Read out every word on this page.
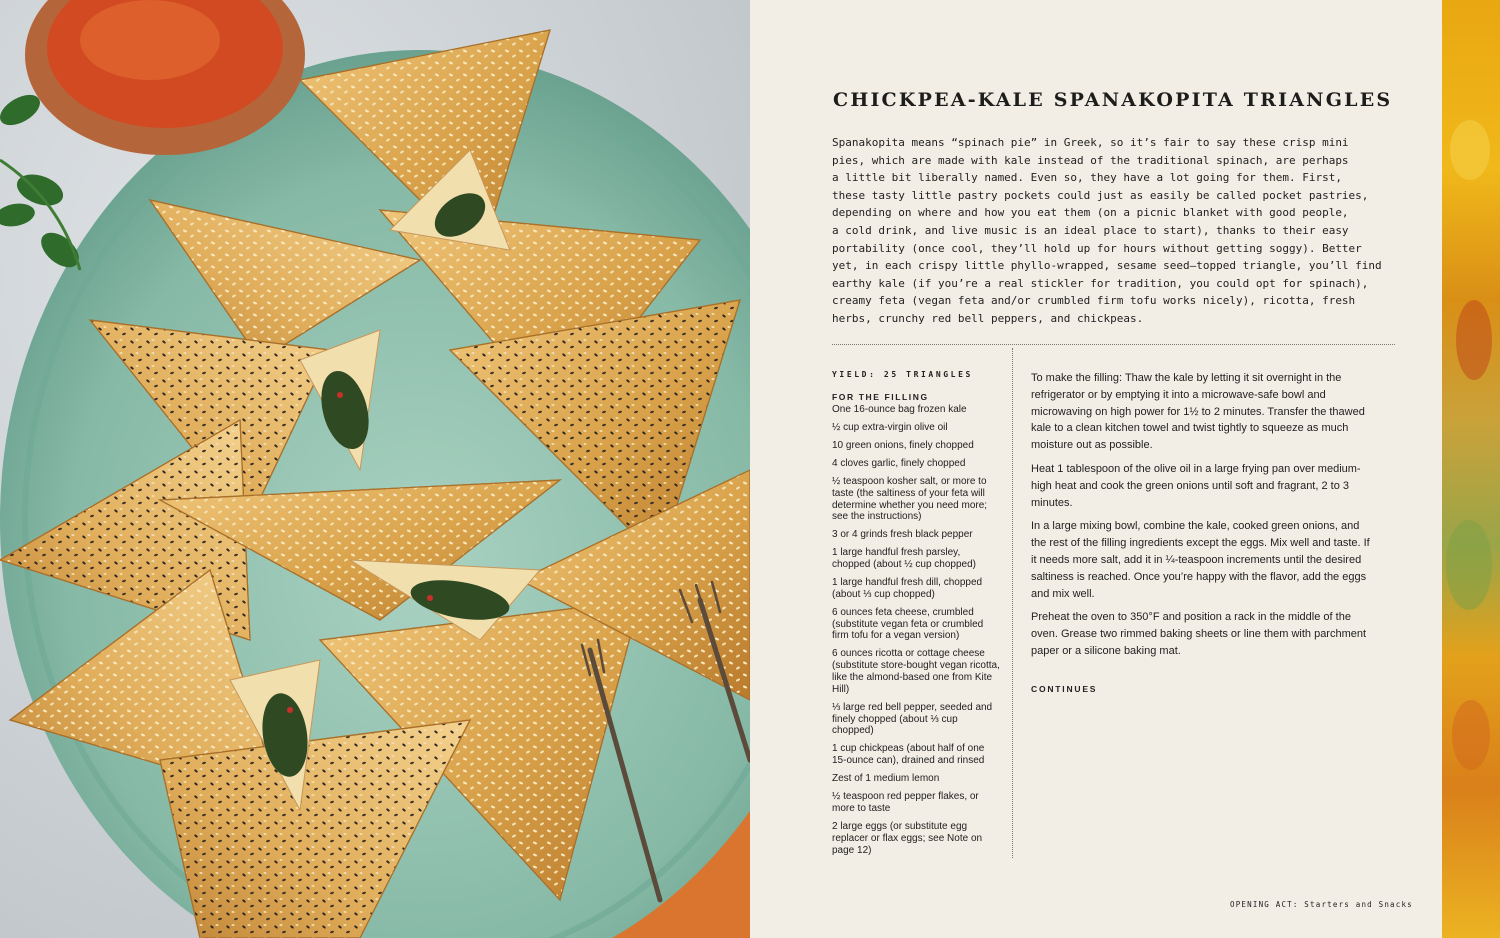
CHICKPEA-KALE SPANAKOPITA TRIANGLES
Spanakopita means “spinach pie” in Greek, so it’s fair to say these crisp mini
pies, which are made with kale instead of the traditional spinach, are perhaps
a little bit liberally named. Even so, they have a lot going for them. First,
these tasty little pastry pockets could just as easily be called pocket pastries,
depending on where and how you eat them (on a picnic blanket with good people,
a cold drink, and live music is an ideal place to start), thanks to their easy
portability (once cool, they’ll hold up for hours without getting soggy). Better
yet, in each crispy little phyllo-wrapped, sesame seed–topped triangle, you’ll find
earthy kale (if you’re a real stickler for tradition, you could opt for spinach),
creamy feta (vegan feta and/or crumbled firm tofu works nicely), ricotta, fresh
herbs, crunchy red bell peppers, and chickpeas.
YIELD: 25 TRIANGLES
FOR THE FILLING
One 16-ounce bag frozen kale
½ cup extra-virgin olive oil
10 green onions, finely chopped
4 cloves garlic, finely chopped
½ teaspoon kosher salt, or more to taste (the saltiness of your feta will determine whether you need more; see the instructions)
3 or 4 grinds fresh black pepper
1 large handful fresh parsley, chopped (about ½ cup chopped)
1 large handful fresh dill, chopped (about ⅓ cup chopped)
6 ounces feta cheese, crumbled (substitute vegan feta or crumbled firm tofu for a vegan version)
6 ounces ricotta or cottage cheese (substitute store-bought vegan ricotta, like the almond-based one from Kite Hill)
⅓ large red bell pepper, seeded and finely chopped (about ⅓ cup chopped)
1 cup chickpeas (about half of one 15-ounce can), drained and rinsed
Zest of 1 medium lemon
½ teaspoon red pepper flakes, or more to taste
2 large eggs (or substitute egg replacer or flax eggs; see Note on page 12)

To make the filling: Thaw the kale by letting it sit overnight in the refrigerator or by emptying it into a microwave-safe bowl and microwaving on high power for 1½ to 2 minutes. Transfer the thawed kale to a clean kitchen towel and twist tightly to squeeze as much moisture out as possible.

Heat 1 tablespoon of the olive oil in a large frying pan over medium-high heat and cook the green onions until soft and fragrant, 2 to 3 minutes.

In a large mixing bowl, combine the kale, cooked green onions, and the rest of the filling ingredients except the eggs. Mix well and taste. If it needs more salt, add it in ¼-teaspoon increments until the desired saltiness is reached. Once you’re happy with the flavor, add the eggs and mix well.

Preheat the oven to 350°F and position a rack in the middle of the oven. Grease two rimmed baking sheets or line them with parchment paper or a silicone baking mat.

CONTINUES
OPENING ACT: Starters and Snacks
